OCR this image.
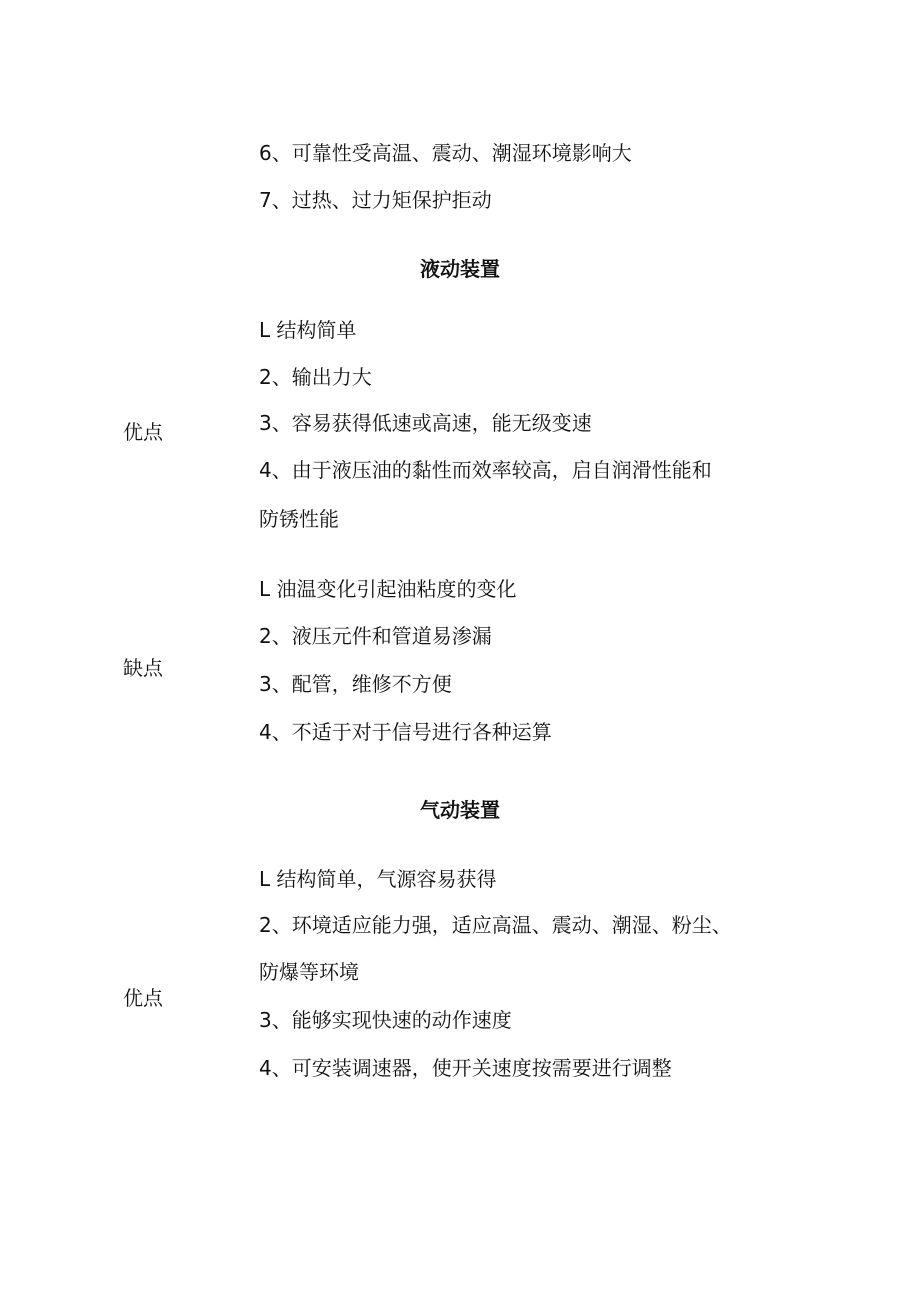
6、可靠性受高温、震动、潮湿环境影响大

7、过热、过力矩保护拒动

液动装置
优点

L 结构简单

2、输出力大

3、容易获得低速或高速，能无级变速

4、由于液压油的黏性而效率较高，启自润滑性能和

防锈性能

缺点

L 油温变化引起油粘度的变化

2、液压元件和管道易渗漏

3、配管，维修不方便

4、不适于对于信号进行各种运算

气动装置
优点

L 结构简单，气源容易获得

2、环境适应能力强，适应高温、震动、潮湿、粉尘、

防爆等环境

3、能够实现快速的动作速度

4、可安装调速器，使开关速度按需要进行调整
